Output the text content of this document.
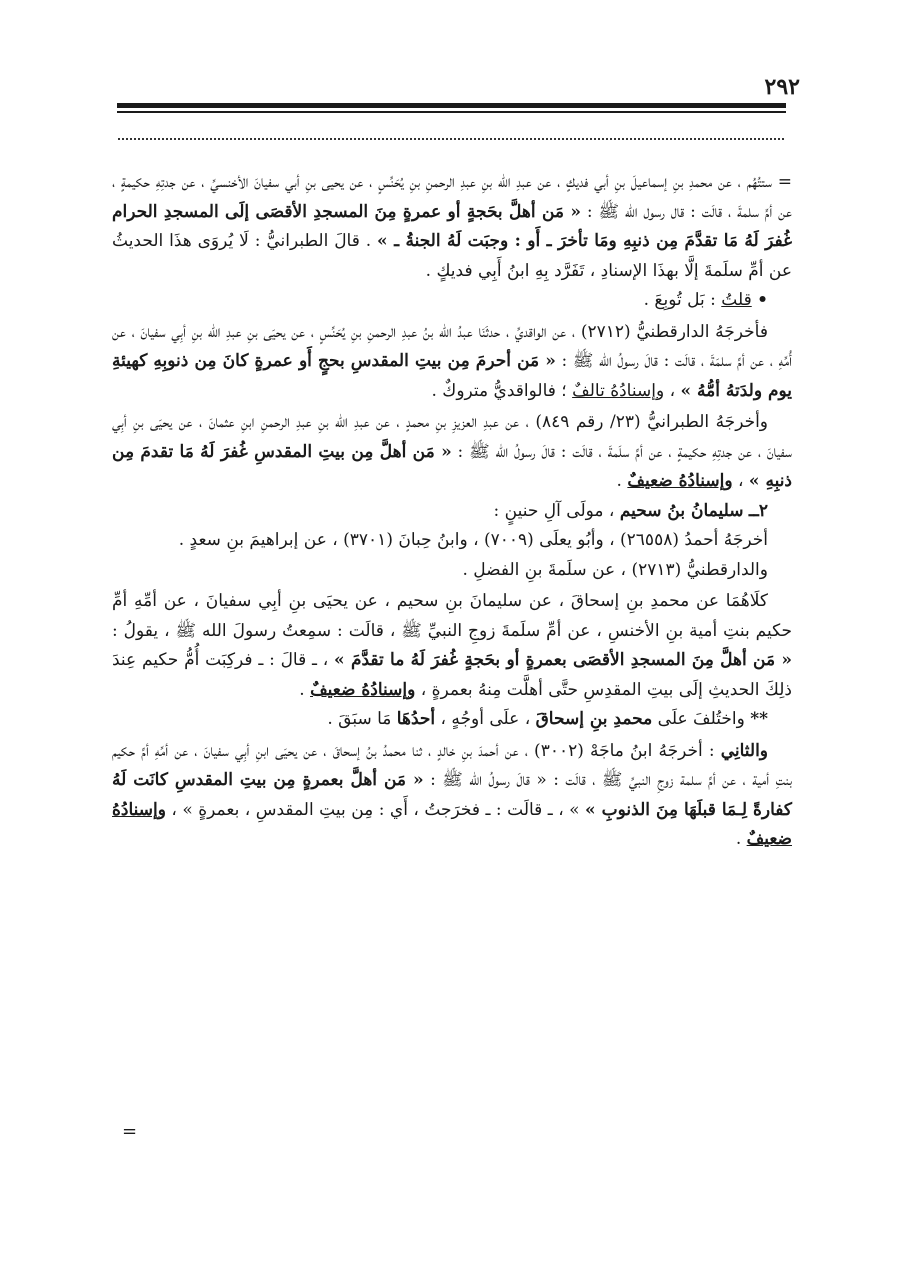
٢٩٢

= ستتُهُم ، عن محمدِ بنِ إسماعيلَ بنِ أبي فديكٍ ، عن عبدِ الله بنِ عبدِ الرحمنِ بنِ يُحَنِّسٍ ، عن يحيى بنِ أبي سفيانَ الأخنسيِّ ، عن جدتِهِ حكيمةٍ ، عن أمِّ سلمةَ ، قالَت : قال رسول الله ﷺ : « مَن أهلَّ بحَجةٍ أو عمرةٍ مِنَ المسجدِ الأقصَى إلَى المسجدِ الحرام غُفرَ لَهُ مَا تقدَّمَ مِن ذنبِهِ ومَا تأخرَ ـ أَو : وجبَت لَهُ الجنةُ ـ » . قالَ الطبرانيُّ : لَا يُروَى هذَا الحديثُ عن أمِّ سلَمةَ إلَّا بهذَا الإسنادِ ، تَفَرَّد بِهِ ابنُ أَبِي فديكٍ .

• قلتُ : بَل تُوبِعَ .

فأخرجَهُ الدارقطنيُّ (٢٧١٢) ، عن الواقديِّ ، حدثَنَا عبدُ الله بنُ عبدِ الرحمنِ بنِ يُحَنِّسٍ ، عن يحيَى بنِ عبدِ الله بنِ أبِي سفيانَ ، عن أُمِّهِ ، عن أمِّ سلمَةَ ، قالَت : قالَ رسولُ الله ﷺ : « مَن أحرمَ مِن بيتِ المقدسِ بحجٍ أَو عمرةٍ كانَ مِن ذنوبِهِ كهيئةِ يوم ولدَتهُ أمُّهُ » ، وإسنادُهُ تالفٌ ؛ فالواقديُّ متروكٌ .

وأخرجَهُ الطبرانيُّ (٢٣/ رقم ٨٤٩) ، عن عبدِ العزيزِ بنِ محمدٍ ، عن عبدِ الله بنِ عبدِ الرحمنِ ابنِ عثمانَ ، عن يحيَى بنِ أبِي سفيانَ ، عن جدتِهِ حكيمةٍ ، عن أمِّ سلَمةَ ، قالَت : قالَ رسولُ الله ﷺ : « مَن أهلَّ مِن بيتِ المقدسِ غُفرَ لَهُ مَا تقدمَ مِن ذنبِهِ » ، وإسنادُهُ ضعيفٌ .

٢ــ سليمانُ بنُ سحيم ، مولَى آلِ حنينٍ :

أخرجَهُ أحمدُ (٢٦٥٥٨) ، وأبُو يعلَى (٧٠٠٩) ، وابنُ حِبانَ (٣٧٠١) ، عن إبراهيمَ بنِ سعدٍ .

والدارقطنيُّ (٢٧١٣) ، عن سلَمةَ بنِ الفضلِ .

كلَاهُمَا عن محمدِ بنِ إسحاقَ ، عن سليمانَ بنِ سحيم ، عن يحيَى بنِ أبِي سفيانَ ، عن أمِّهِ أمِّ حكيم بنتِ أمية بنِ الأخنسِ ، عن أمِّ سلَمةَ زوجِ النبيِّ ﷺ ، قالَت : سمِعتُ رسولَ الله ﷺ ، يقولُ : « مَن أهلَّ مِنَ المسجدِ الأقصَى بعمرةٍ أو بحَجةٍ غُفرَ لَهُ ما تقدَّمَ » ، ـ قالَ : ـ فركِبَت أُمُّ حكيم عِندَ ذلِكَ الحديثِ إلَى بيتِ المقدِسِ حتَّى أهلَّت مِنهُ بعمرةٍ ، وإسنادُهُ ضعيفٌ .

** واختُلفَ علَى محمدِ بنِ إسحاقَ ، علَى أوجُهٍ ، أحدُهَا مَا سبَقَ .

والثانِي : أخرجَهُ ابنُ ماجَهْ (٣٠٠٢) ، عن أحمدَ بنِ خالدٍ ، ثنا محمدُ بنُ إسحاقَ ، عن يحيَى ابنِ أبِي سفيانَ ، عن أمِّهِ أمِّ حكيم بنتِ أمية ، عن أمِّ سلمة زوجِ النبيِّ ﷺ ، قالَت : « قالَ رسولُ الله ﷺ : « مَن أهلَّ بعمرةٍ مِن بيتِ المقدسِ كانَت لَهُ كفارةً لِـمَا قبلَهَا مِنَ الذنوبِ » » ، ـ قالَت : ـ فخرَجتُ ، أَي : مِن بيتِ المقدسِ ، بعمرةٍ » ، وإسنادُهُ ضعيفٌ .

=
